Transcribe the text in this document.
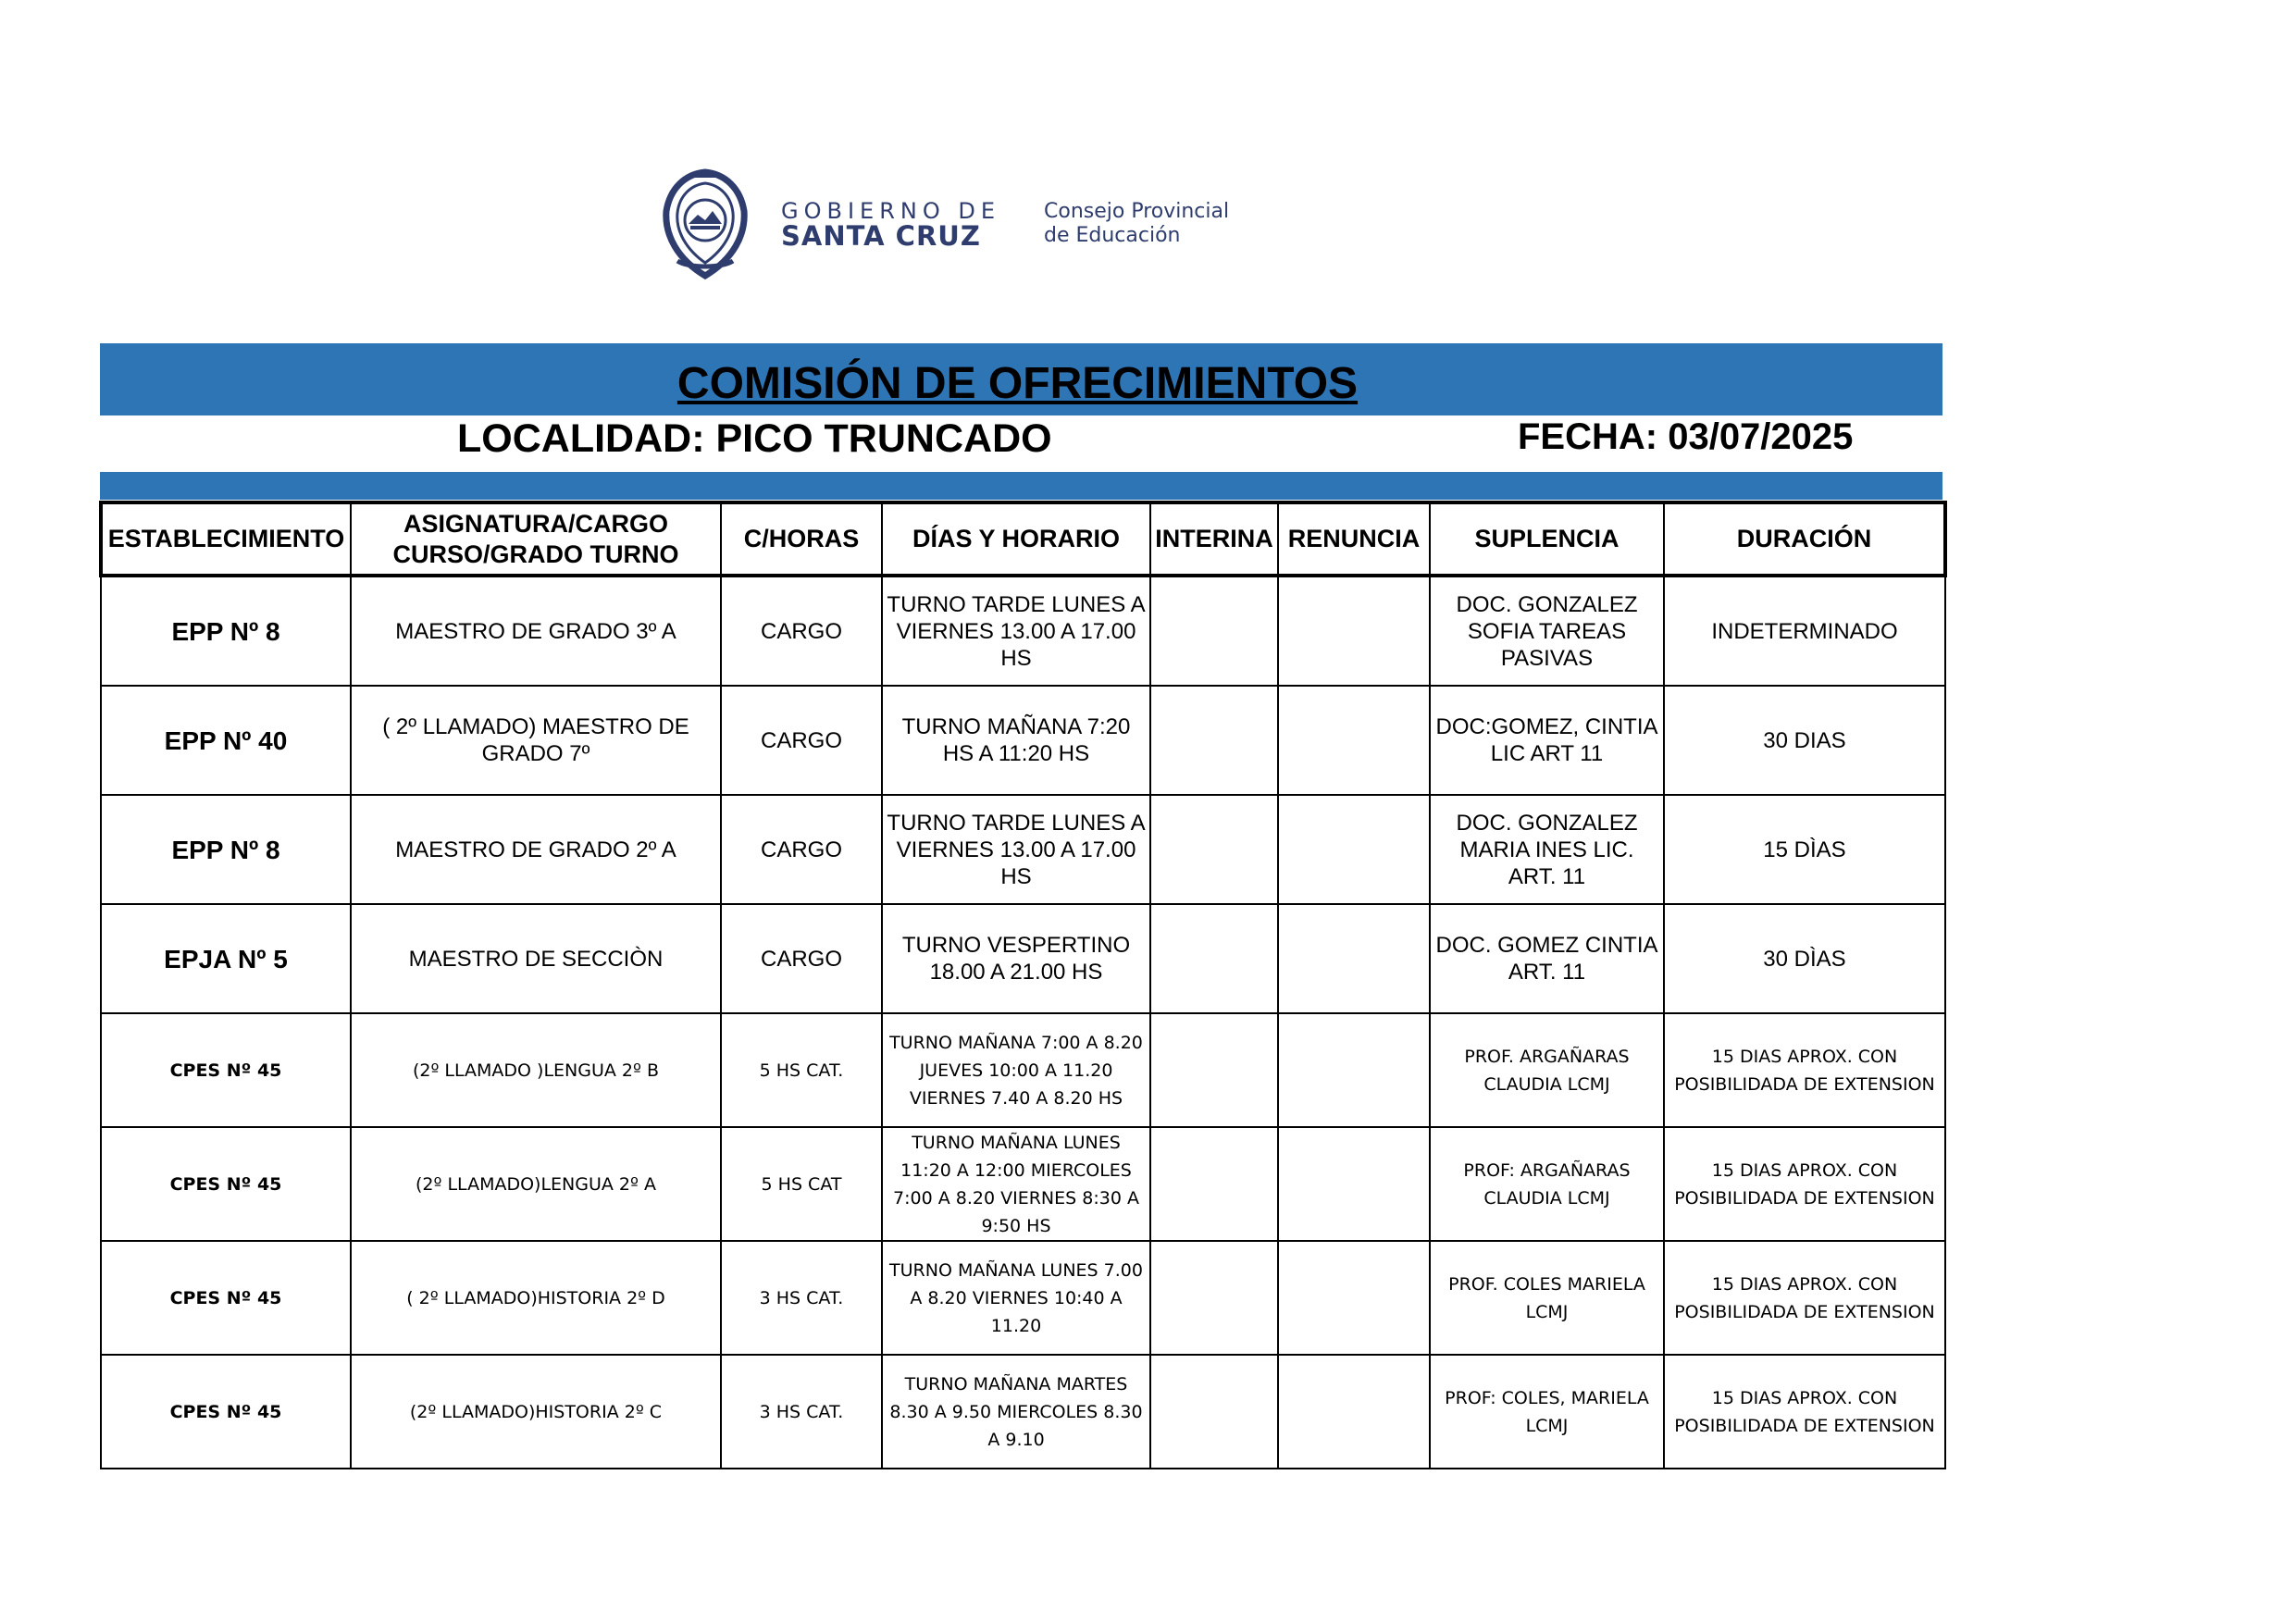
GOBIERNO DE
SANTA CRUZ
Consejo Provincial
de Educación
COMISIÓN DE OFRECIMIENTOS
LOCALIDAD: PICO TRUNCADO	FECHA: 03/07/2025
ESTABLECIMIENTO	ASIGNATURA/CARGO CURSO/GRADO TURNO	C/HORAS	DÍAS Y HORARIO	INTERINA	RENUNCIA	SUPLENCIA	DURACIÓN
EPP Nº 8	MAESTRO DE GRADO 3º A	CARGO	TURNO TARDE LUNES A VIERNES 13.00 A 17.00 HS			DOC. GONZALEZ SOFIA TAREAS PASIVAS	INDETERMINADO
EPP Nº 40	( 2º LLAMADO) MAESTRO DE GRADO 7º	CARGO	TURNO MAÑANA 7:20 HS A 11:20 HS			DOC:GOMEZ, CINTIA LIC ART 11	30 DIAS
EPP Nº 8	MAESTRO DE GRADO 2º A	CARGO	TURNO TARDE LUNES A VIERNES 13.00 A 17.00 HS			DOC. GONZALEZ MARIA INES LIC. ART. 11	15 DÌAS
EPJA Nº 5	MAESTRO DE SECCIÒN	CARGO	TURNO VESPERTINO 18.00 A 21.00 HS			DOC. GOMEZ CINTIA ART. 11	30 DÌAS
CPES Nº 45	(2º LLAMADO )LENGUA 2º B	5 HS CAT.	TURNO MAÑANA 7:00 A 8.20 JUEVES 10:00 A 11.20 VIERNES 7.40 A 8.20 HS			PROF. ARGAÑARAS CLAUDIA LCMJ	15 DIAS APROX. CON POSIBILIDADA DE EXTENSION
CPES Nº 45	(2º LLAMADO)LENGUA 2º A	5 HS CAT	TURNO MAÑANA LUNES 11:20 A 12:00 MIERCOLES 7:00 A 8.20 VIERNES 8:30 A 9:50 HS			PROF: ARGAÑARAS CLAUDIA LCMJ	15 DIAS APROX. CON POSIBILIDADA DE EXTENSION
CPES Nº 45	( 2º LLAMADO)HISTORIA 2º D	3 HS CAT.	TURNO MAÑANA LUNES 7.00 A 8.20 VIERNES 10:40 A 11.20			PROF. COLES MARIELA LCMJ	15 DIAS APROX. CON POSIBILIDADA DE EXTENSION
CPES Nº 45	(2º LLAMADO)HISTORIA 2º C	3 HS CAT.	TURNO MAÑANA MARTES 8.30 A 9.50 MIERCOLES 8.30 A 9.10			PROF: COLES, MARIELA LCMJ	15 DIAS APROX. CON POSIBILIDADA DE EXTENSION
